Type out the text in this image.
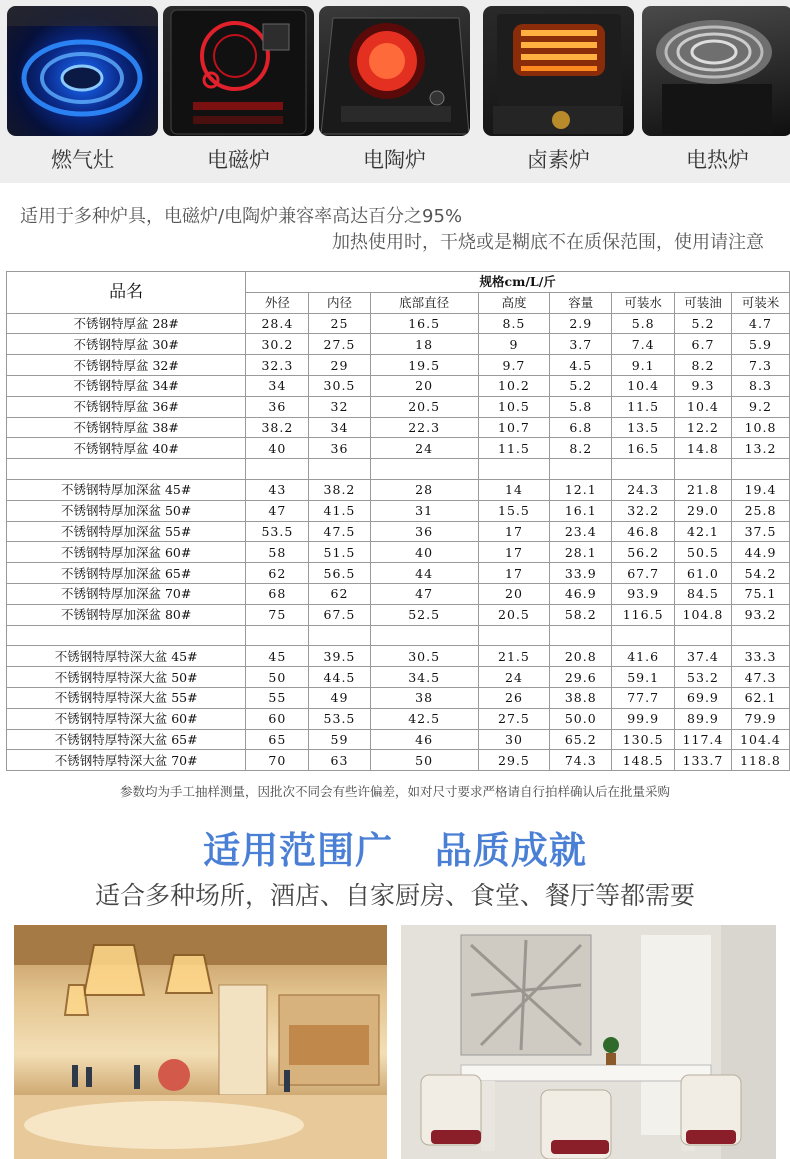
燃气灶	电磁炉	电陶炉	卤素炉	电热炉
适用于多种炉具，电磁炉/电陶炉兼容率高达百分之95%
加热使用时，干烧或是糊底不在质保范围，使用请注意
品名	规格cm/L/斤							
	外径	内径	底部直径	高度	容量	可装水	可装油	可装米
不锈钢特厚盆 28#	28.4	25	16.5	8.5	2.9	5.8	5.2	4.7
不锈钢特厚盆 30#	30.2	27.5	18	9	3.7	7.4	6.7	5.9
不锈钢特厚盆 32#	32.3	29	19.5	9.7	4.5	9.1	8.2	7.3
不锈钢特厚盆 34#	34	30.5	20	10.2	5.2	10.4	9.3	8.3
不锈钢特厚盆 36#	36	32	20.5	10.5	5.8	11.5	10.4	9.2
不锈钢特厚盆 38#	38.2	34	22.3	10.7	6.8	13.5	12.2	10.8
不锈钢特厚盆 40#	40	36	24	11.5	8.2	16.5	14.8	13.2

不锈钢特厚加深盆 45#	43	38.2	28	14	12.1	24.3	21.8	19.4
不锈钢特厚加深盆 50#	47	41.5	31	15.5	16.1	32.2	29.0	25.8
不锈钢特厚加深盆 55#	53.5	47.5	36	17	23.4	46.8	42.1	37.5
不锈钢特厚加深盆 60#	58	51.5	40	17	28.1	56.2	50.5	44.9
不锈钢特厚加深盆 65#	62	56.5	44	17	33.9	67.7	61.0	54.2
不锈钢特厚加深盆 70#	68	62	47	20	46.9	93.9	84.5	75.1
不锈钢特厚加深盆 80#	75	67.5	52.5	20.5	58.2	116.5	104.8	93.2

不锈钢特厚特深大盆 45#	45	39.5	30.5	21.5	20.8	41.6	37.4	33.3
不锈钢特厚特深大盆 50#	50	44.5	34.5	24	29.6	59.1	53.2	47.3
不锈钢特厚特深大盆 55#	55	49	38	26	38.8	77.7	69.9	62.1
不锈钢特厚特深大盆 60#	60	53.5	42.5	27.5	50.0	99.9	89.9	79.9
不锈钢特厚特深大盆 65#	65	59	46	30	65.2	130.5	117.4	104.4
不锈钢特厚特深大盆 70#	70	63	50	29.5	74.3	148.5	133.7	118.8
参数均为手工抽样测量，因批次不同会有些许偏差，如对尺寸要求严格请自行拍样确认后在批量采购
适用范围广   品质成就
适合多种场所，酒店、自家厨房、食堂、餐厅等都需要
